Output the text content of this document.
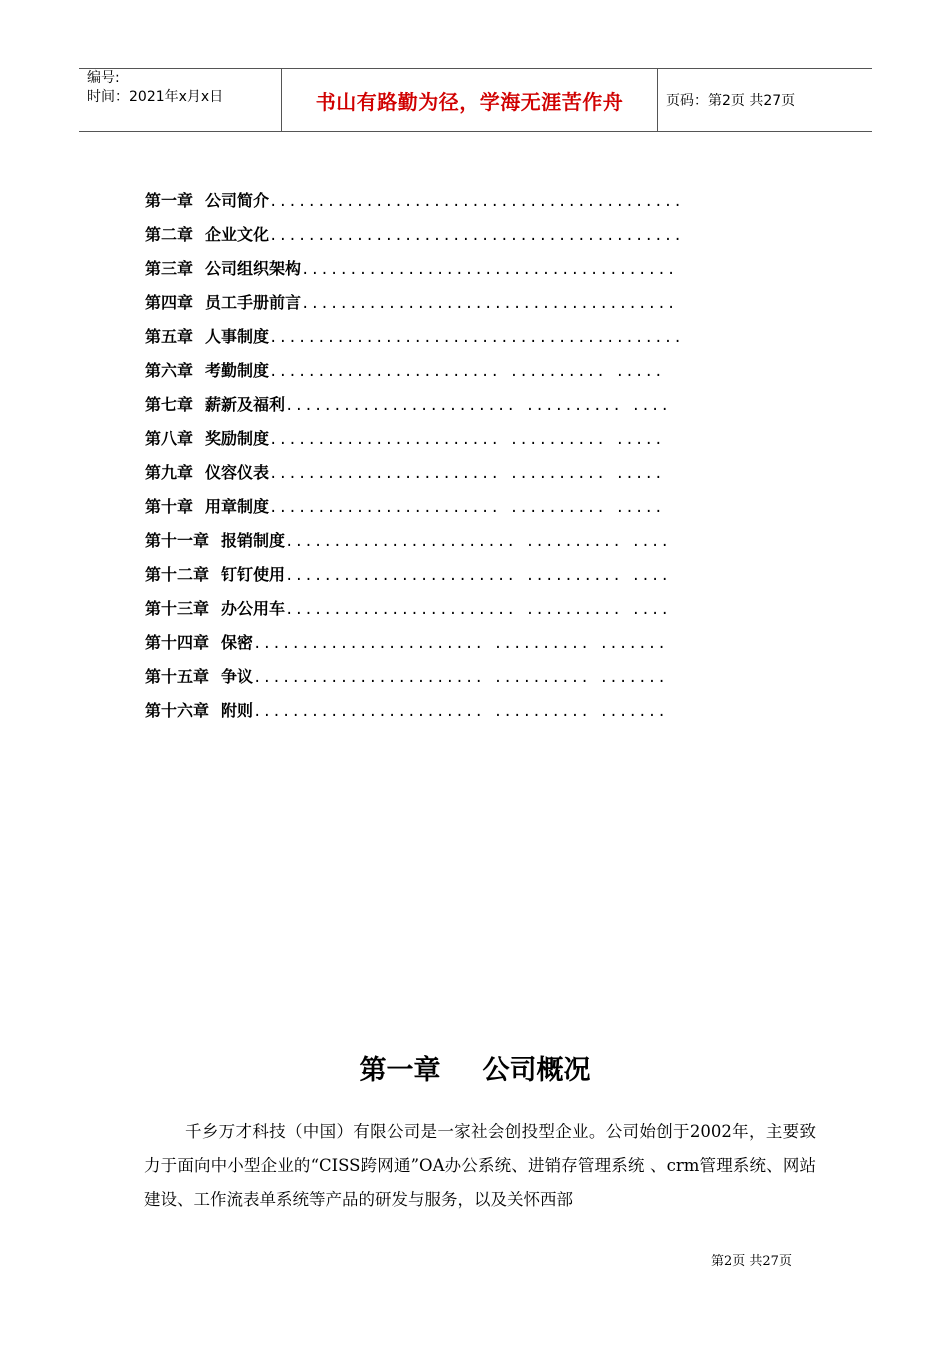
编号:
时间：2021年x月x日	书山有路勤为径，学海无涯苦作舟	页码：第2页 共27页
第一章 公司简介...........................................
第二章 企业文化...........................................
第三章 公司组织架构.......................................
第四章 员工手册前言.......................................
第五章 人事制度...........................................
第六章 考勤制度........................ .......... .....
第七章 薪新及福利........................ .......... ....
第八章 奖励制度........................ .......... .....
第九章 仪容仪表........................ .......... .....
第十章 用章制度........................ .......... .....
第十一章 报销制度........................ .......... ....
第十二章 钉钉使用........................ .......... ....
第十三章 办公用车........................ .......... ....
第十四章 保密........................ .......... .......
第十五章 争议........................ .......... .......
第十六章 附则........................ .......... .......
第一章 公司概况

千乡万才科技（中国）有限公司是一家社会创投型企业。公司始创于2002年，主要致力于面向中小型企业的“CISS跨网通”OA办公系统、进销存管理系统 、crm管理系统、网站建设、工作流表单系统等产品的研发与服务，以及关怀西部

第2页 共27页
